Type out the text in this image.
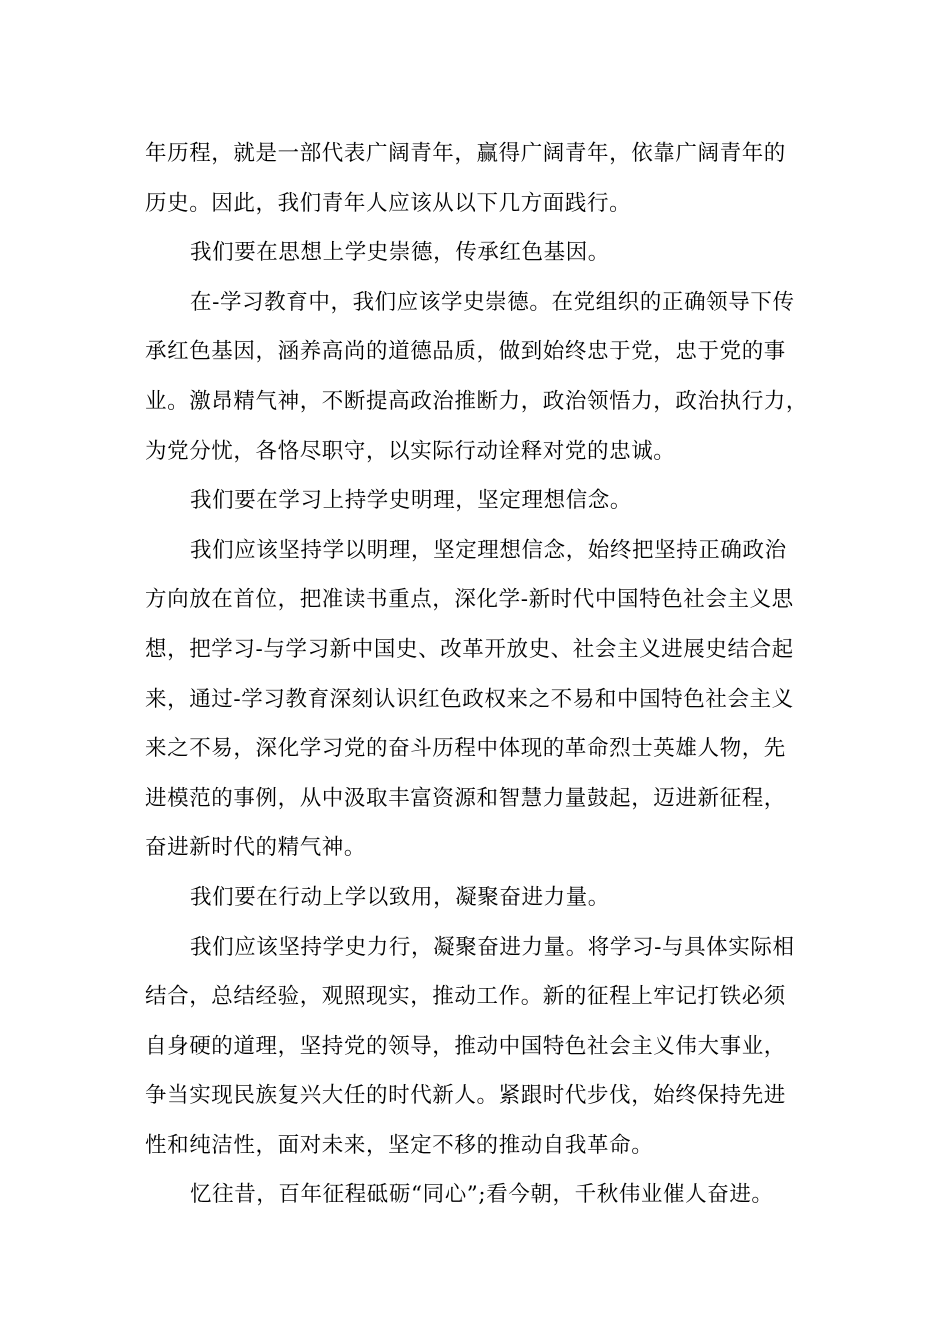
年历程，就是一部代表广阔青年，赢得广阔青年，依靠广阔青年的

历史。因此，我们青年人应该从以下几方面践行。

我们要在思想上学史崇德，传承红色基因。

在-学习教育中，我们应该学史崇德。在党组织的正确领导下传

承红色基因，涵养高尚的道德品质，做到始终忠于党，忠于党的事

业。激昂精气神，不断提高政治推断力，政治领悟力，政治执行力，

为党分忧，各恪尽职守，以实际行动诠释对党的忠诚。

我们要在学习上持学史明理，坚定理想信念。

我们应该坚持学以明理，坚定理想信念，始终把坚持正确政治

方向放在首位，把准读书重点，深化学-新时代中国特色社会主义思

想，把学习-与学习新中国史、改革开放史、社会主义进展史结合起

来，通过-学习教育深刻认识红色政权来之不易和中国特色社会主义

来之不易，深化学习党的奋斗历程中体现的革命烈士英雄人物，先

进模范的事例，从中汲取丰富资源和智慧力量鼓起，迈进新征程，

奋进新时代的精气神。

我们要在行动上学以致用，凝聚奋进力量。

我们应该坚持学史力行，凝聚奋进力量。将学习-与具体实际相

结合，总结经验，观照现实，推动工作。新的征程上牢记打铁必须

自身硬的道理，坚持党的领导，推动中国特色社会主义伟大事业，

争当实现民族复兴大任的时代新人。紧跟时代步伐，始终保持先进

性和纯洁性，面对未来，坚定不移的推动自我革命。

忆往昔，百年征程砥砺“同心”;看今朝，千秋伟业催人奋进。
